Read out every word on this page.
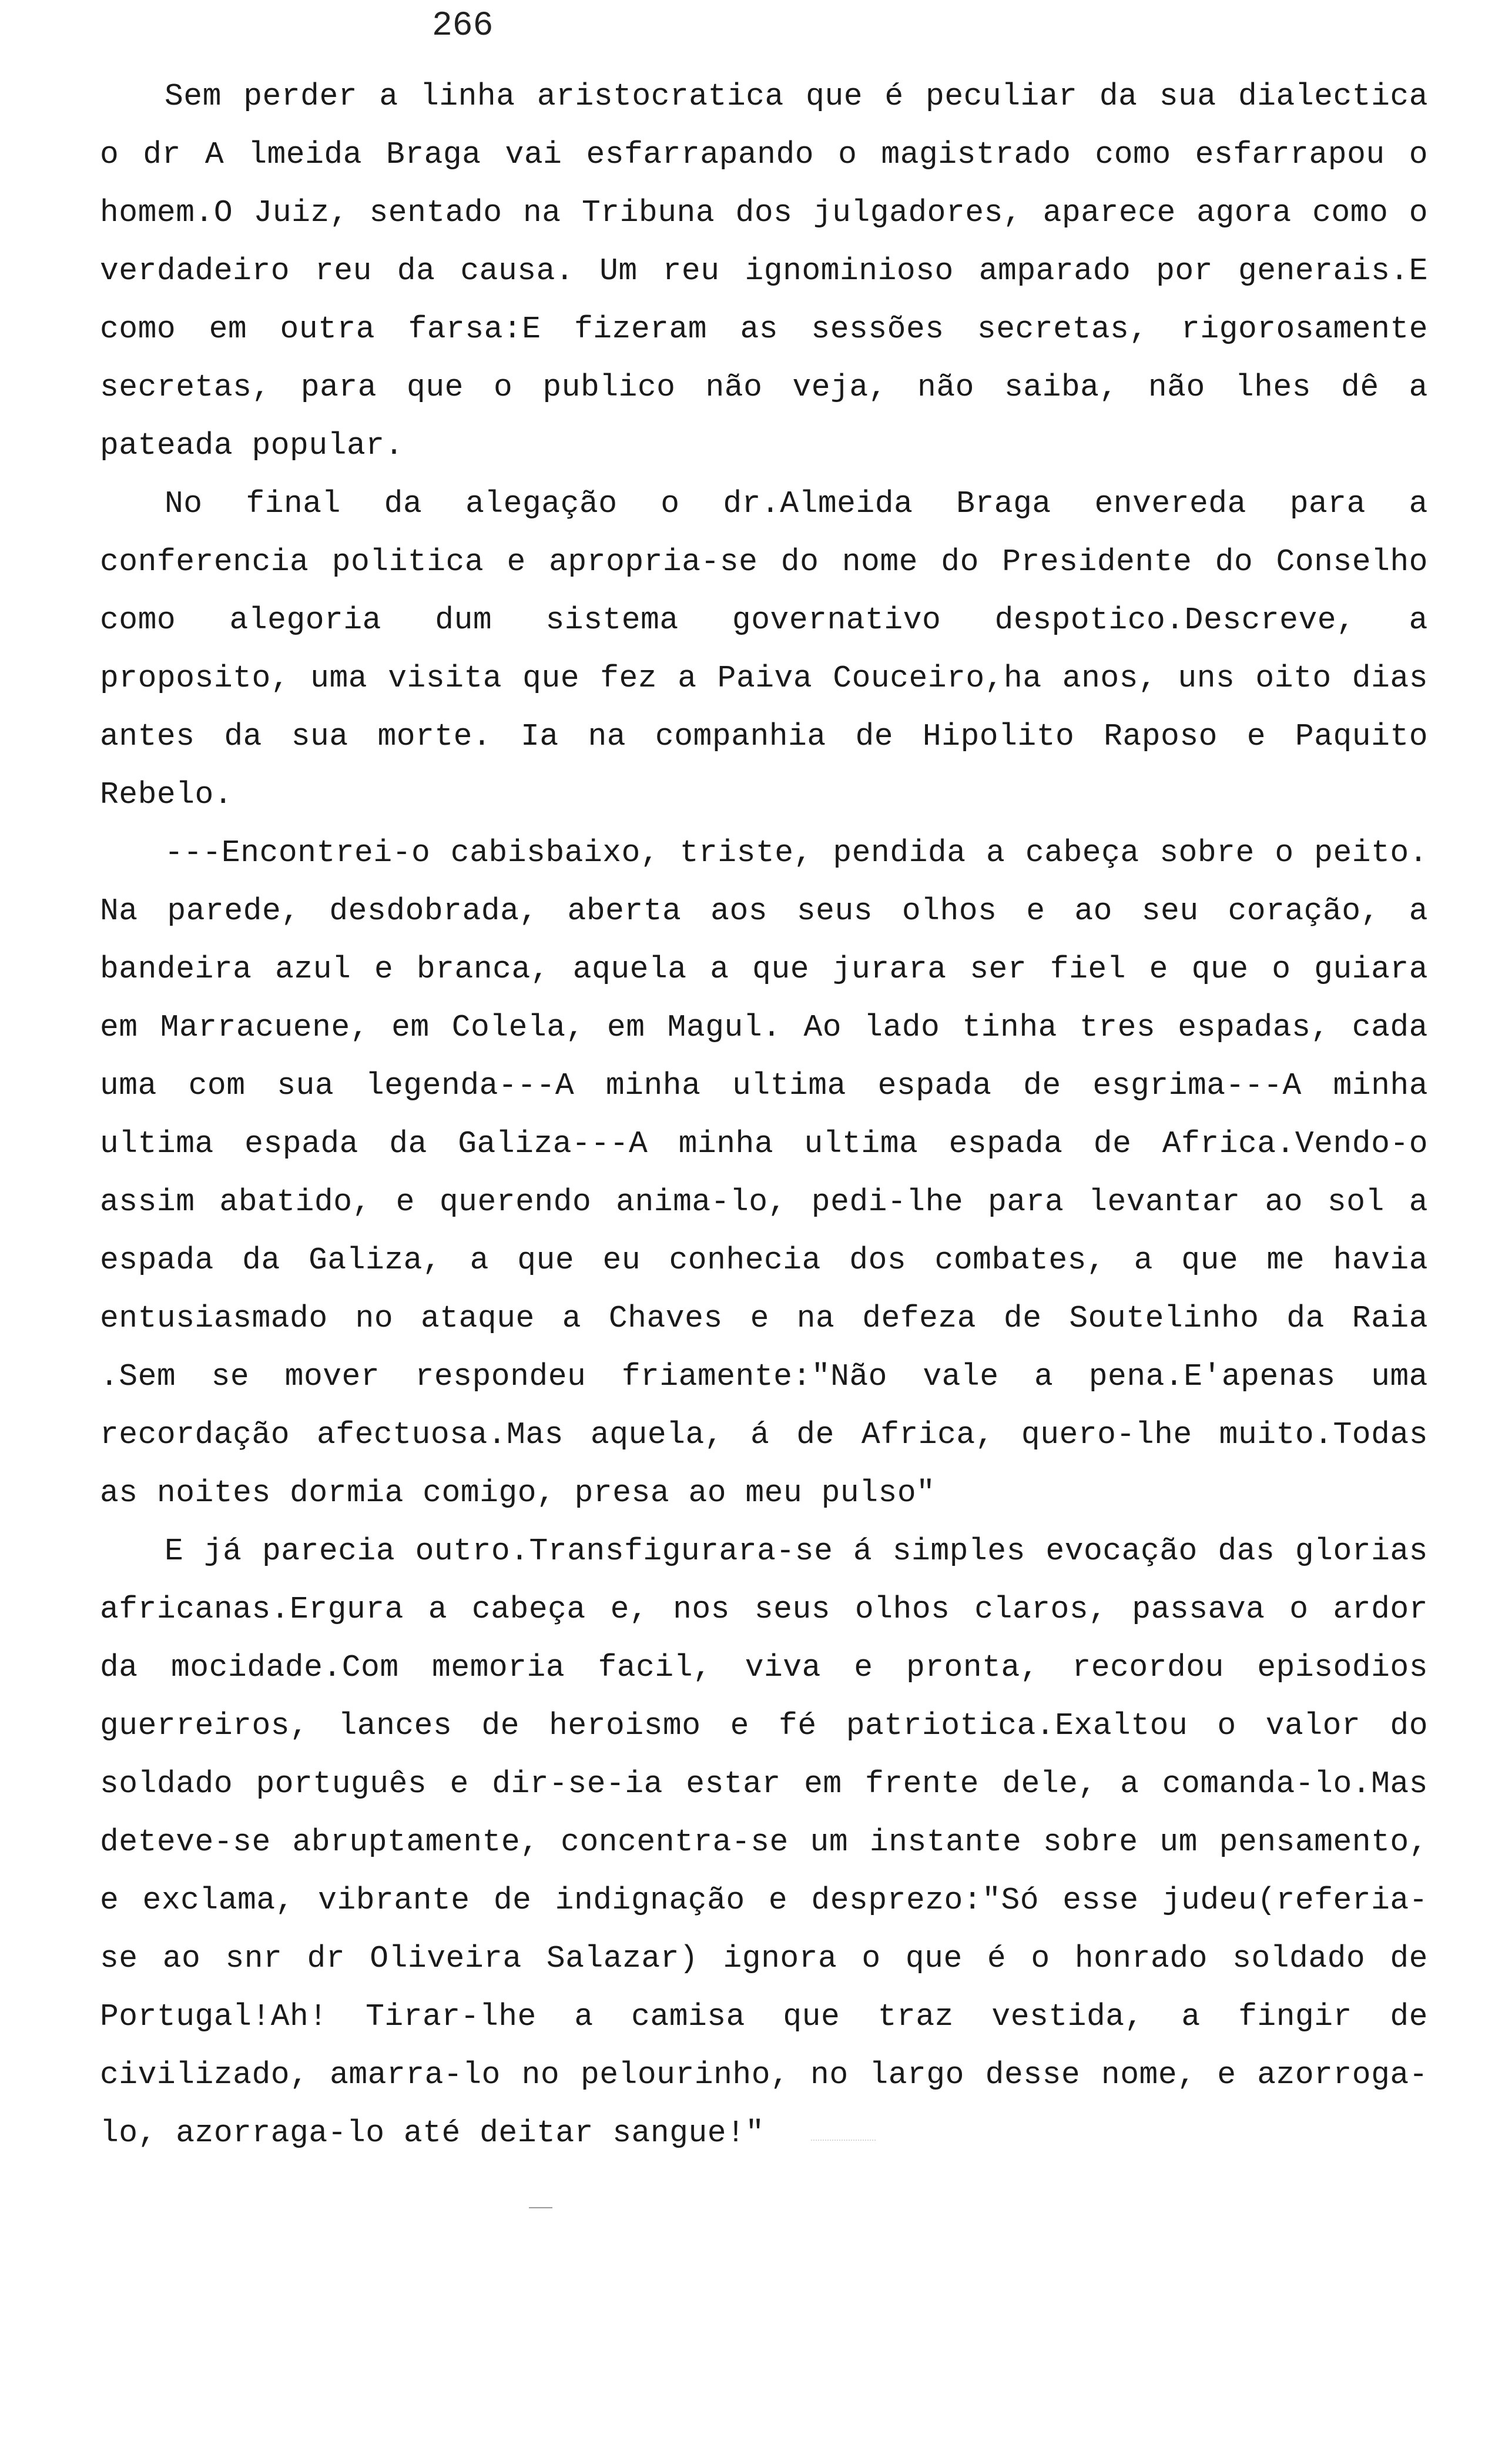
266

Sem perder a linha aristocratica que é peculiar da sua dialectica o dr A lmeida Braga vai esfarrapando o magistrado como esfarrapou o homem.O Juiz, sentado na Tribuna dos julgadores, aparece agora como o verdadeiro reu da causa. Um reu ignominioso amparado por generais.E como em outra farsa:E fizeram as sessões secretas, rigorosamente secretas, para que o publico não veja, não saiba, não lhes dê a pateada popular.

No final da alegação o dr.Almeida Braga envereda para a conferencia politica e apropria-se do nome do Presidente do Conselho como alegoria dum sistema governativo despotico.Descreve, a proposito, uma visita que fez a Paiva Couceiro,ha anos, uns oito dias antes da sua morte. Ia na companhia de Hipolito Raposo e Paquito Rebelo.

---Encontrei-o cabisbaixo, triste, pendida a cabeça sobre o peito. Na parede, desdobrada, aberta aos seus olhos e ao seu coração, a bandeira azul e branca, aquela a que jurara ser fiel e que o guiara em Marracuene, em Colela, em Magul. Ao lado tinha tres espadas, cada uma com sua legenda---A minha ultima espada de esgrima---A minha ultima espada da Galiza---A minha ultima espada de Africa.Vendo-o assim abatido, e querendo anima-lo, pedi-lhe para levantar ao sol a espada da Galiza, a que eu conhecia dos combates, a que me havia entusiasmado no ataque a Chaves e na defeza de Soutelinho da Raia .Sem se mover respondeu friamente:"Não vale a pena.E'apenas uma recordação afectuosa.Mas aquela, á de Africa, quero-lhe muito.Todas as noites dormia comigo, presa ao meu pulso"

E já parecia outro.Transfigurara-se á simples evocação das glorias africanas.Ergura a cabeça e, nos seus olhos claros, passava o ardor da mocidade.Com memoria facil, viva e pronta, recordou episodios guerreiros, lances de heroismo e fé patriotica.Exaltou o valor do soldado português e dir-se-ia estar em frente dele, a comanda-lo.Mas deteve-se abruptamente, concentra-se um instante sobre um pensamento, e exclama, vibrante de indignação e desprezo:"Só esse judeu(referia-se ao snr dr Oliveira Salazar) ignora o que é o honrado soldado de Portugal!Ah! Tirar-lhe a camisa que traz vestida, a fingir de civilizado, amarra-lo no pelourinho, no largo desse nome, e azorroga-lo, azorraga-lo até deitar sangue!"
